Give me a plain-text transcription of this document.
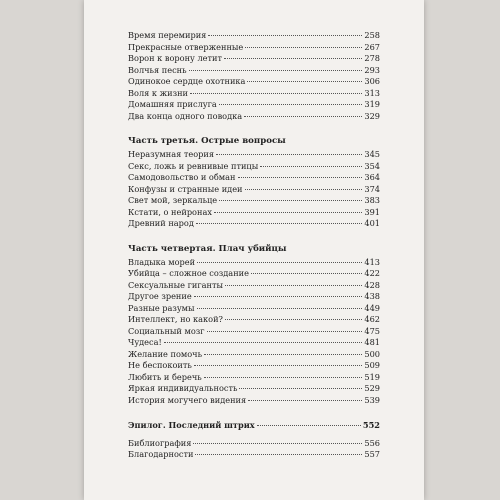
Время перемирия	258
Прекрасные отверженные	267
Ворон к ворону летит	278
Волчья песнь	293
Одинокое сердце охотника	306
Воля к жизни	313
Домашняя прислуга	319
Два конца одного поводка	329
Часть третья. Острые вопросы
Неразумная теория	345
Секс, ложь и ревнивые птицы	354
Самодовольство и обман	364
Конфузы и странные идеи	374
Свет мой, зеркальце	383
Кстати, о нейронах	391
Древний народ	401
Часть четвертая. Плач убийцы
Владыка морей	413
Убийца – сложное создание	422
Сексуальные гиганты	428
Другое зрение	438
Разные разумы	449
Интеллект, но какой?	462
Социальный мозг	475
Чудеса!	481
Желание помочь	500
Не беспокоить	509
Любить и беречь	519
Яркая индивидуальность	529
История могучего видения	539
Эпилог. Последний штрих	552
Библиография	556
Благодарности	557
